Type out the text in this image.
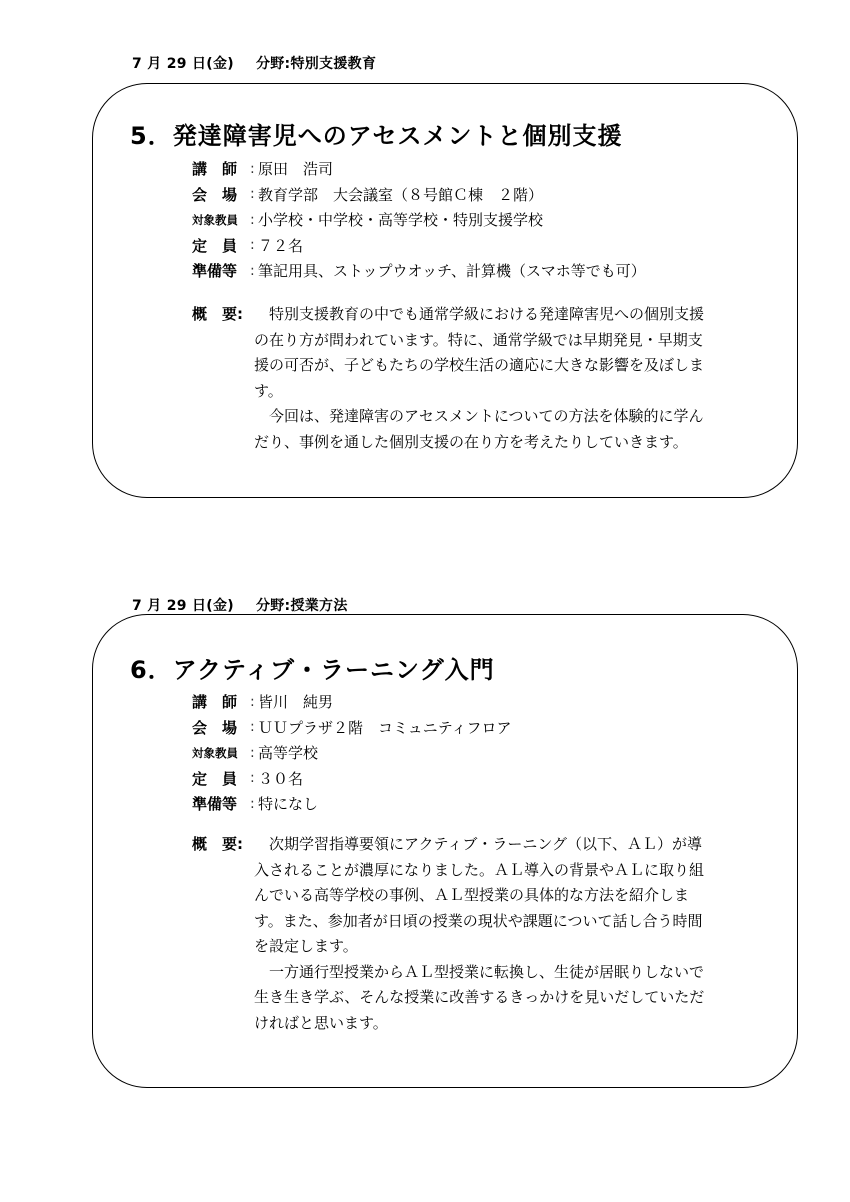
7 月 29 日(金) 分野:特別支援教育
5．発達障害児へのアセスメントと個別支援
講　師 : 原田　浩司
会　場 : 教育学部　大会議室（８号館Ｃ棟　２階）
対象教員 : 小学校・中学校・高等学校・特別支援学校
定　員 : ７２名
準備等 : 筆記用具、ストップウオッチ、計算機（スマホ等でも可）
概　要:	特別支援教育の中でも通常学級における発達障害児への個別支援
の在り方が問われています。特に、通常学級では早期発見・早期支
援の可否が、子どもたちの学校生活の適応に大きな影響を及ぼしま
す。
　今回は、発達障害のアセスメントについての方法を体験的に学ん
だり、事例を通した個別支援の在り方を考えたりしていきます。
7 月 29 日(金) 分野:授業方法
6．アクティブ・ラーニング入門
講　師 : 皆川　純男
会　場 : ＵＵプラザ２階　コミュニティフロア
対象教員 : 高等学校
定　員 : ３０名
準備等 : 特になし
概　要:	次期学習指導要領にアクティブ・ラーニング（以下、ＡＬ）が導
入されることが濃厚になりました。ＡＬ導入の背景やＡＬに取り組
んでいる高等学校の事例、ＡＬ型授業の具体的な方法を紹介しま
す。また、参加者が日頃の授業の現状や課題について話し合う時間
を設定します。
　一方通行型授業からＡＬ型授業に転換し、生徒が居眠りしないで
生き生き学ぶ、そんな授業に改善するきっかけを見いだしていただ
ければと思います。
